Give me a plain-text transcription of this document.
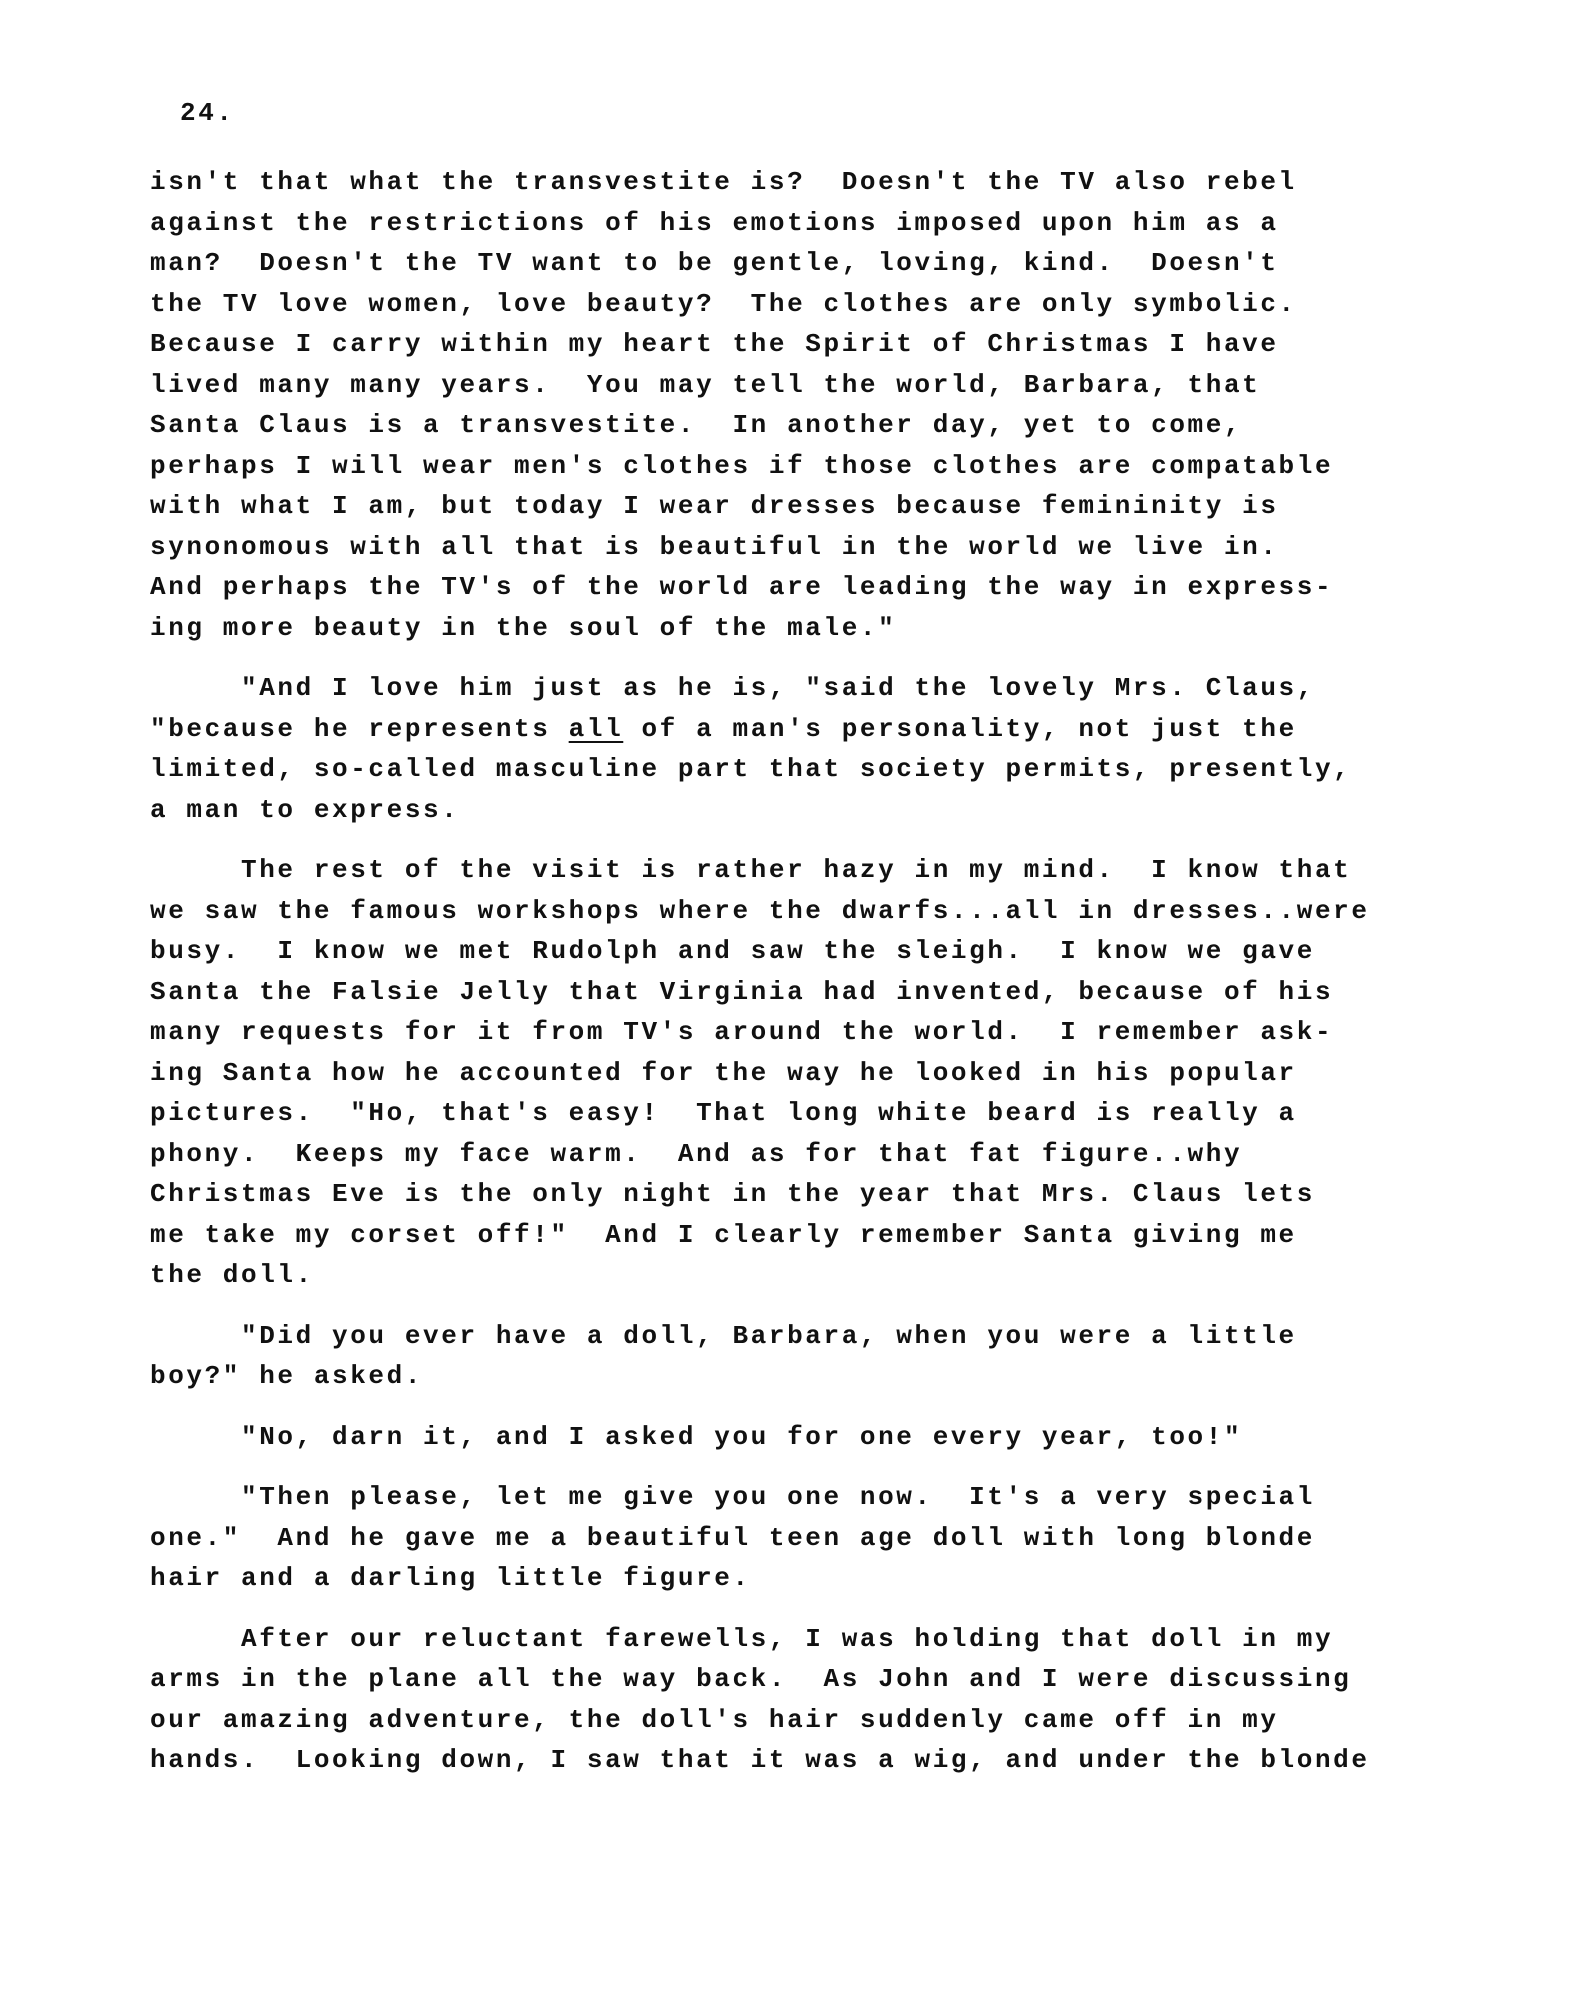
24.

isn't that what the transvestite is?  Doesn't the TV also rebel
against the restrictions of his emotions imposed upon him as a
man?  Doesn't the TV want to be gentle, loving, kind.  Doesn't
the TV love women, love beauty?  The clothes are only symbolic.
Because I carry within my heart the Spirit of Christmas I have
lived many many years.  You may tell the world, Barbara, that
Santa Claus is a transvestite.  In another day, yet to come,
perhaps I will wear men's clothes if those clothes are compatable
with what I am, but today I wear dresses because femininity is
synonomous with all that is beautiful in the world we live in.
And perhaps the TV's of the world are leading the way in express-
ing more beauty in the soul of the male."
"And I love him just as he is, "said the lovely Mrs. Claus,
"because he represents all of a man's personality, not just the
limited, so-called masculine part that society permits, presently,
a man to express.
The rest of the visit is rather hazy in my mind.  I know that
we saw the famous workshops where the dwarfs...all in dresses..were
busy.  I know we met Rudolph and saw the sleigh.  I know we gave
Santa the Falsie Jelly that Virginia had invented, because of his
many requests for it from TV's around the world.  I remember ask-
ing Santa how he accounted for the way he looked in his popular
pictures.  "Ho, that's easy!  That long white beard is really a
phony.  Keeps my face warm.  And as for that fat figure..why
Christmas Eve is the only night in the year that Mrs. Claus lets
me take my corset off!"  And I clearly remember Santa giving me
the doll.
"Did you ever have a doll, Barbara, when you were a little
boy?" he asked.
"No, darn it, and I asked you for one every year, too!"
"Then please, let me give you one now.  It's a very special
one."  And he gave me a beautiful teen age doll with long blonde
hair and a darling little figure.
After our reluctant farewells, I was holding that doll in my
arms in the plane all the way back.  As John and I were discussing
our amazing adventure, the doll's hair suddenly came off in my
hands.  Looking down, I saw that it was a wig, and under the blonde
